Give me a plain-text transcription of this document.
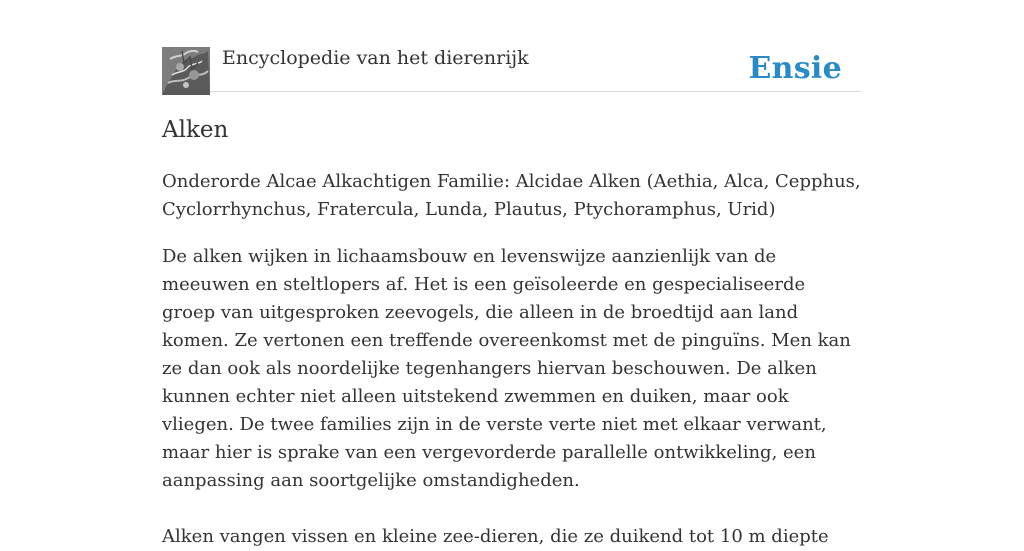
Encyclopedie van het dierenrijk	Ensie
Alken

Onderorde Alcae Alkachtigen Familie: Alcidae Alken (Aethia, Alca, Cepphus, Cyclorrhynchus, Fratercula, Lunda, Plautus, Ptychoramphus, Urid)

De alken wijken in lichaamsbouw en levenswijze aanzienlijk van de meeuwen en steltlopers af. Het is een geïsoleerde en gespecialiseerde groep van uitgesproken zeevogels, die alleen in de broedtijd aan land komen. Ze vertonen een treffende overeenkomst met de pinguïns. Men kan ze dan ook als noordelijke tegenhangers hiervan beschouwen. De alken kunnen echter niet alleen uitstekend zwemmen en duiken, maar ook vliegen. De twee families zijn in de verste verte niet met elkaar verwant, maar hier is sprake van een vergevorderde parallelle ontwikkeling, een aanpassing aan soortgelijke omstandigheden.

Alken vangen vissen en kleine zee-dieren, die ze duikend tot 10 m diepte
